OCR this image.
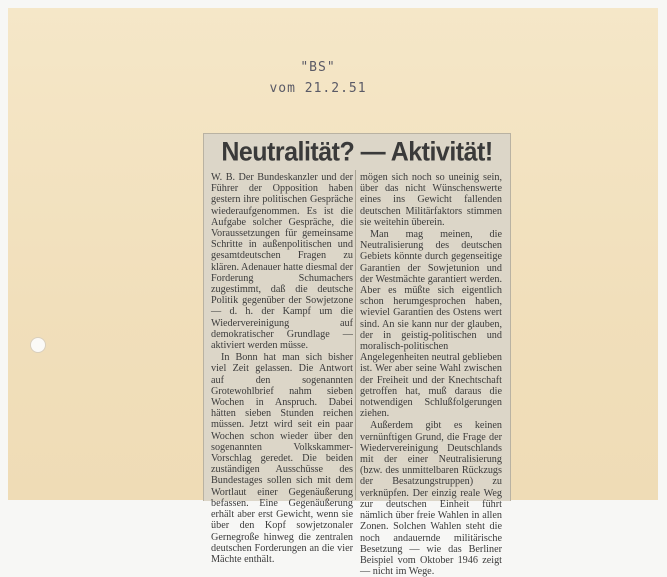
"BS"
vom 21.2.51
Neutralität? — Aktivität!

W. B. Der Bundeskanzler und der Führer der Opposition haben gestern ihre politischen Gespräche wiederaufgenommen. Es ist die Aufgabe solcher Gespräche, die Voraussetzungen für gemeinsame Schritte in außenpolitischen und gesamtdeutschen Fragen zu klären. Adenauer hatte diesmal der Forderung Schumachers zugestimmt, daß die deutsche Politik gegenüber der Sowjetzone — d. h. der Kampf um die Wiedervereinigung auf demokratischer Grundlage — aktiviert werden müsse.

In Bonn hat man sich bisher viel Zeit gelassen. Die Antwort auf den sogenannten Grotewohlbrief nahm sieben Wochen in Anspruch. Dabei hätten sieben Stunden reichen müssen. Jetzt wird seit ein paar Wochen schon wieder über den sogenannten Volkskammer-Vorschlag geredet. Die beiden zuständigen Ausschüsse des Bundestages sollen sich mit dem Wortlaut einer Gegenäußerung befassen. Eine Gegenäußerung erhält aber erst Gewicht, wenn sie über den Kopf sowjetzonaler Gernegroße hinweg die zentralen deutschen Forderungen an die vier Mächte enthält.

mögen sich noch so uneinig sein, über das nicht Wünschenswerte eines ins Gewicht fallenden deutschen Militärfaktors stimmen sie weitehin überein.

Man mag meinen, die Neutralisierung des deutschen Gebiets könnte durch gegenseitige Garantien der Sowjetunion und der Westmächte garantiert werden. Aber es müßte sich eigentlich schon herumgesprochen haben, wieviel Garantien des Ostens wert sind. An sie kann nur der glauben, der in geistig-politischen und moralisch-politischen Angelegenheiten neutral geblieben ist. Wer aber seine Wahl zwischen der Freiheit und der Knechtschaft getroffen hat, muß daraus die notwendigen Schlußfolgerungen ziehen.

Außerdem gibt es keinen vernünftigen Grund, die Frage der Wiedervereinigung Deutschlands mit der einer Neutralisierung (bzw. des unmittelbaren Rückzugs der Besatzungstruppen) zu verknüpfen. Der einzig reale Weg zur deutschen Einheit führt nämlich über freie Wahlen in allen Zonen. Solchen Wahlen steht die noch andauernde militärische Besetzung — wie das Berliner Beispiel vom Oktober 1946 zeigt — nicht im Wege.
